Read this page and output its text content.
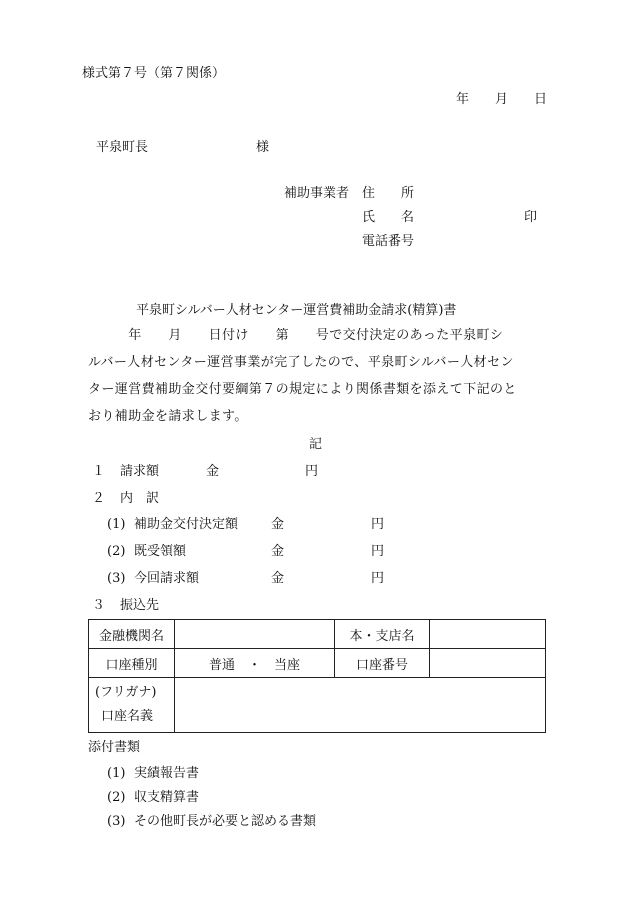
様式第７号（第７関係）
年　　月　　日
平泉町長	様
補助事業者 住　　所
氏　　名	印
電話番号
平泉町シルバー人材センター運営費補助金請求(精算)書
　　　年　　月　　日付け　　第　　号で交付決定のあった平泉町シ
ルバー人材センター運営事業が完了したので、平泉町シルバー人材セン
ター運営費補助金交付要綱第７の規定により関係書類を添えて下記のと
おり補助金を請求します。
記
１ 請求額	金	円
２ 内　訳
(1) 補助金交付決定額	金	円
(2) 既受領額	金	円
(3) 今回請求額	金	円
３ 振込先
金融機関名		本・支店名	
口座種別	普通　・　当座	口座番号	

(フリガナ)
口座名義			

添付書類
(1) 実績報告書
(2) 収支精算書
(3) その他町長が必要と認める書類
